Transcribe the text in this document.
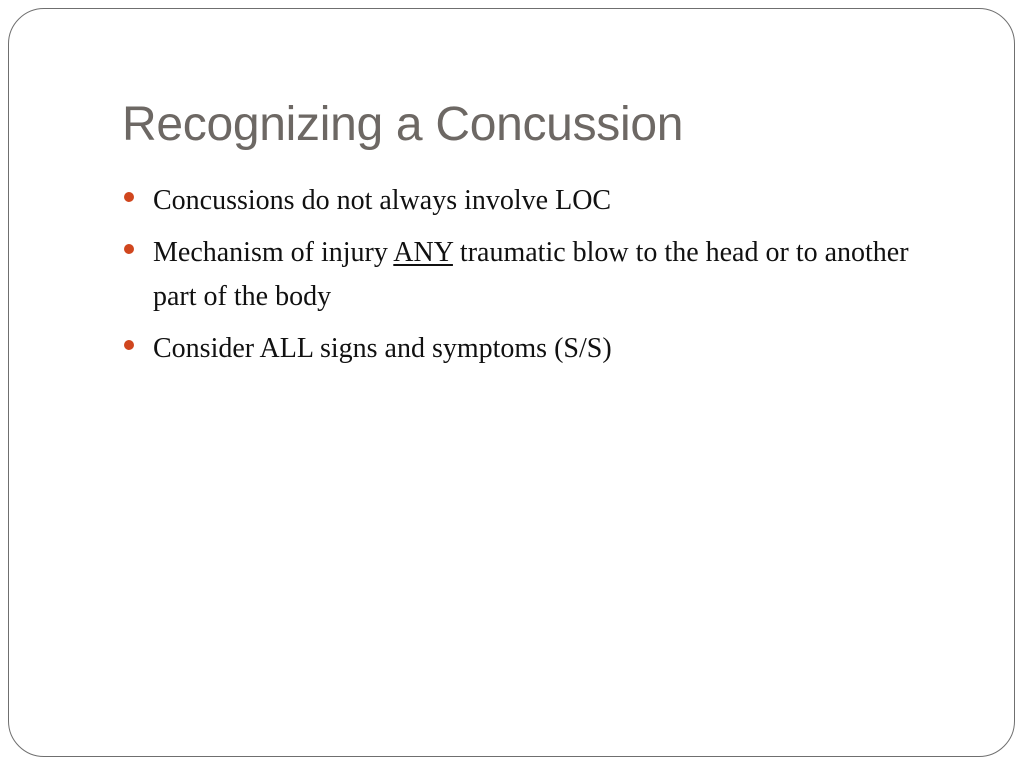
Recognizing a Concussion
Concussions do not always involve LOC
Mechanism of injury ANY traumatic blow to the head or to another part of the body
Consider ALL signs and symptoms (S/S)
